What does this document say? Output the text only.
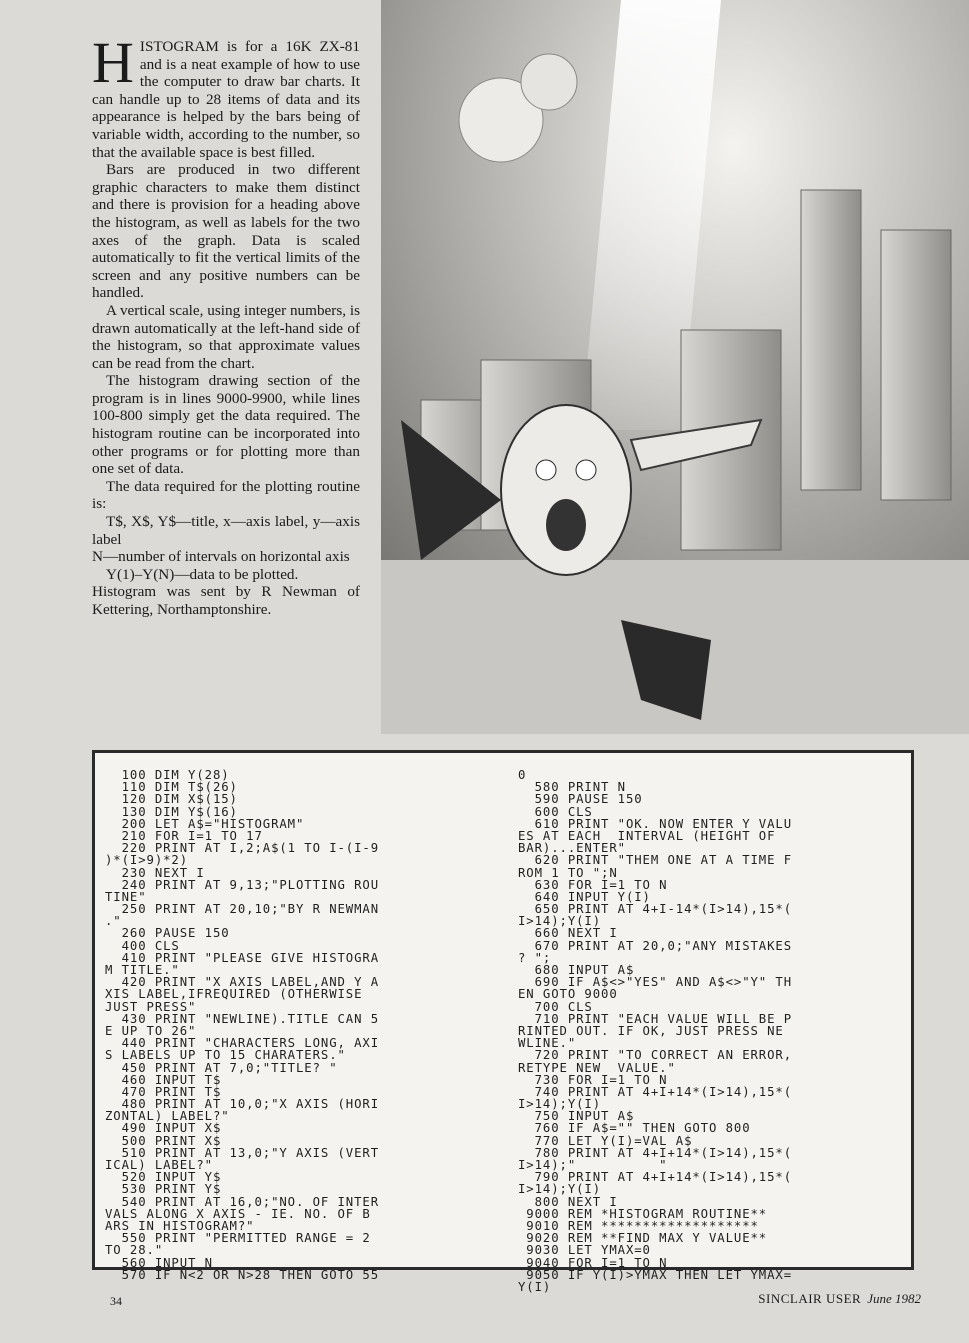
HISTOGRAM is for a 16K ZX-81 and is a neat example of how to use the computer to draw bar charts. It can handle up to 28 items of data and its appearance is helped by the bars being of variable width, according to the number, so that the available space is best filled.

Bars are produced in two different graphic characters to make them distinct and there is provision for a heading above the histogram, as well as labels for the two axes of the graph. Data is scaled automatically to fit the vertical limits of the screen and any positive numbers can be handled.

A vertical scale, using integer numbers, is drawn automatically at the left-hand side of the histogram, so that approximate values can be read from the chart.

The histogram drawing section of the program is in lines 9000-9900, while lines 100-800 simply get the data required. The histogram routine can be incorporated into other programs or for plotting more than one set of data.

The data required for the plotting routine is:

T$, X$, Y$—title, x—axis label, y—axis label

N—number of intervals on horizontal axis

Y(1)–Y(N)—data to be plotted.

Histogram was sent by R Newman of Kettering, Northamptonshire.

100 DIM Y(28)
110 DIM T$(26)
120 DIM X$(15)
130 DIM Y$(16)
200 LET A$="HISTOGRAM"
210 FOR I=1 TO 17
220 PRINT AT I,2;A$(1 TO I-(I-9
)*(I>9)*2)
230 NEXT I
240 PRINT AT 9,13;"PLOTTING ROU
TINE"
250 PRINT AT 20,10;"BY R NEWMAN
."
260 PAUSE 150
400 CLS
410 PRINT "PLEASE GIVE HISTOGRA
M TITLE."
420 PRINT "X AXIS LABEL,AND Y A
XIS LABEL,IFREQUIRED (OTHERWISE
JUST PRESS"
430 PRINT "NEWLINE).TITLE CAN 5
E UP TO 26"
440 PRINT "CHARACTERS LONG, AXI
S LABELS UP TO 15 CHARATERS."
450 PRINT AT 7,0;"TITLE? "
460 INPUT T$
470 PRINT T$
480 PRINT AT 10,0;"X AXIS (HORI
ZONTAL) LABEL?"
490 INPUT X$
500 PRINT X$
510 PRINT AT 13,0;"Y AXIS (VERT
ICAL) LABEL?"
520 INPUT Y$
530 PRINT Y$
540 PRINT AT 16,0;"NO. OF INTER
VALS ALONG X AXIS - IE. NO. OF B
ARS IN HISTOGRAM?"
550 PRINT "PERMITTED RANGE = 2
TO 28."
560 INPUT N
570 IF N<2 OR N>28 THEN GOTO 55
0
580 PRINT N
590 PAUSE 150
600 CLS
610 PRINT "OK. NOW ENTER Y VALU
ES AT EACH  INTERVAL (HEIGHT OF
BAR)...ENTER"
620 PRINT "THEM ONE AT A TIME F
ROM 1 TO ";N
630 FOR I=1 TO N
640 INPUT Y(I)
650 PRINT AT 4+I-14*(I>14),15*(
I>14);Y(I)
660 NEXT I
670 PRINT AT 20,0;"ANY MISTAKES
? ";
680 INPUT A$
690 IF A$<>"YES" AND A$<>"Y" TH
EN GOTO 9000
700 CLS
710 PRINT "EACH VALUE WILL BE P
RINTED OUT. IF OK, JUST PRESS NE
WLINE."
720 PRINT "TO CORRECT AN ERROR,
RETYPE NEW  VALUE."
730 FOR I=1 TO N
740 PRINT AT 4+I+14*(I>14),15*(
I>14);Y(I)
750 INPUT A$
760 IF A$="" THEN GOTO 800
770 LET Y(I)=VAL A$
780 PRINT AT 4+I+14*(I>14),15*(
I>14);"          "
790 PRINT AT 4+I+14*(I>14),15*(
I>14);Y(I)
800 NEXT I
9000 REM *HISTOGRAM ROUTINE**
9010 REM *******************
9020 REM **FIND MAX Y VALUE**
9030 LET YMAX=0
9040 FOR I=1 TO N
9050 IF Y(I)>YMAX THEN LET YMAX=
Y(I)
34	SINCLAIR USER June 1982
